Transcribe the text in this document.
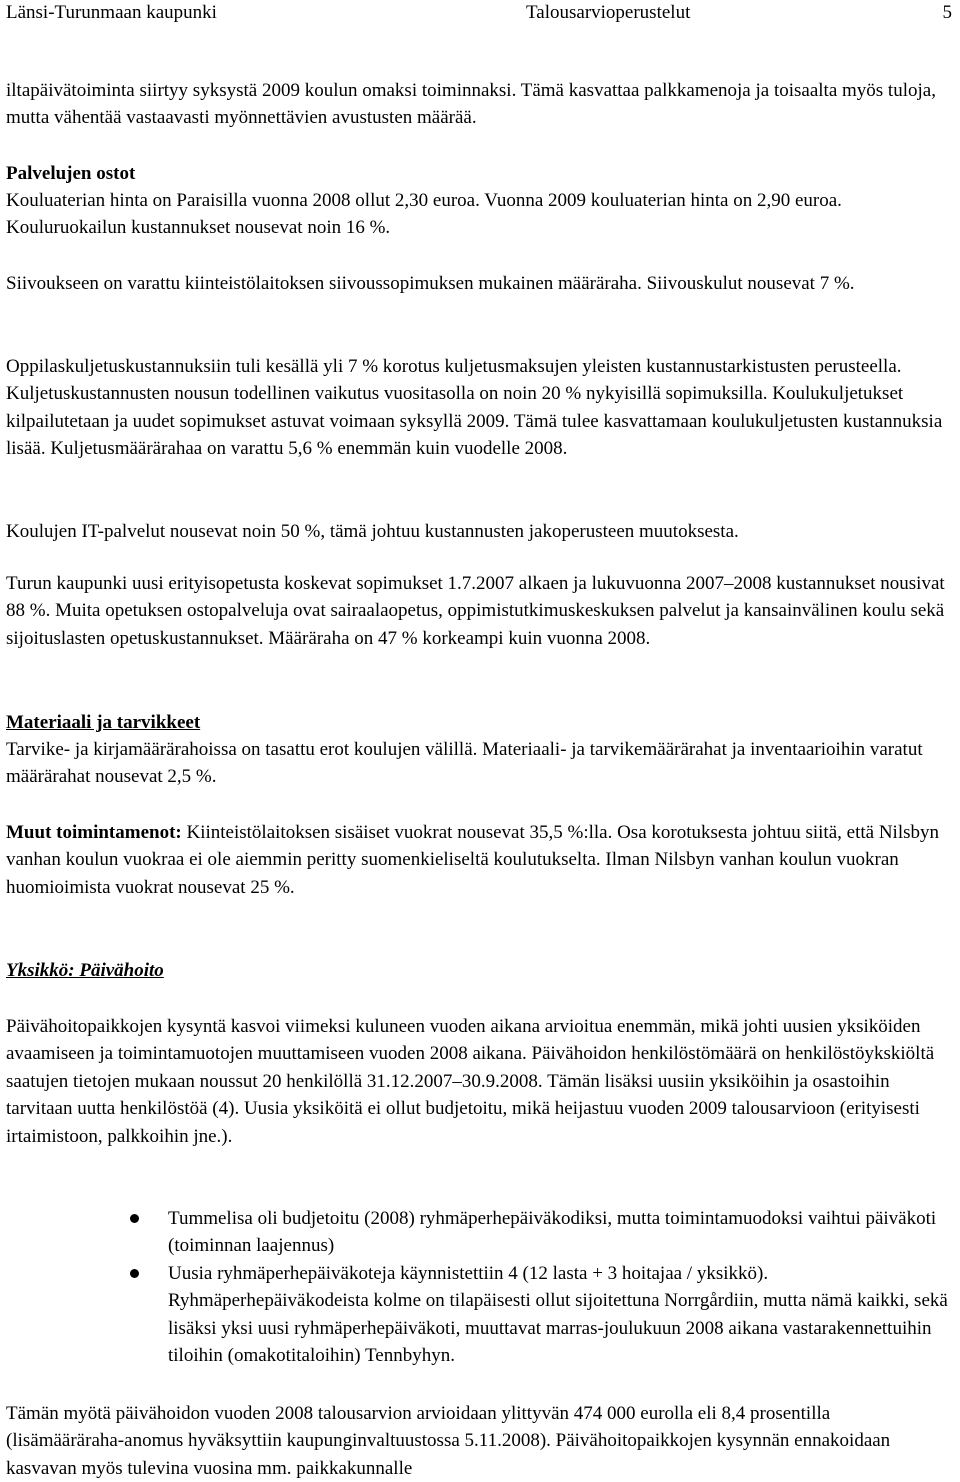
Länsi-Turunmaan kaupunki	Talousarvioperustelut	5

iltapäivätoiminta siirtyy syksystä 2009 koulun omaksi toiminnaksi. Tämä kasvattaa palkkamenoja ja toisaalta myös tuloja, mutta vähentää vastaavasti myönnettävien avustusten määrää.

Palvelujen ostot

Kouluaterian hinta on Paraisilla vuonna 2008 ollut 2,30 euroa. Vuonna 2009 kouluaterian hinta on 2,90 euroa. Kouluruokailun kustannukset nousevat noin 16 %.

Siivoukseen on varattu kiinteistölaitoksen siivoussopimuksen mukainen määräraha. Siivouskulut nousevat 7 %.

Oppilaskuljetuskustannuksiin tuli kesällä yli 7 % korotus kuljetusmaksujen yleisten kustannustarkistusten perusteella. Kuljetuskustannusten nousun todellinen vaikutus vuositasolla on noin 20 % nykyisillä sopimuksilla. Koulukuljetukset kilpailutetaan ja uudet sopimukset astuvat voimaan syksyllä 2009. Tämä tulee kasvattamaan koulukuljetusten kustannuksia lisää. Kuljetusmäärärahaa on varattu 5,6 % enemmän kuin vuodelle 2008.

Koulujen IT-palvelut nousevat noin 50 %, tämä johtuu kustannusten jakoperusteen muutoksesta.

Turun kaupunki uusi erityisopetusta koskevat sopimukset 1.7.2007 alkaen ja lukuvuonna 2007–2008 kustannukset nousivat 88 %. Muita opetuksen ostopalveluja ovat sairaalaopetus, oppimistutkimuskeskuksen palvelut ja kansainvälinen koulu sekä sijoituslasten opetuskustannukset. Määräraha on 47 % korkeampi kuin vuonna 2008.

Materiaali ja tarvikkeet

Tarvike- ja kirjamäärärahoissa on tasattu erot koulujen välillä. Materiaali- ja tarvikemäärärahat ja inventaarioihin varatut määrärahat nousevat 2,5 %.

Muut toimintamenot: Kiinteistölaitoksen sisäiset vuokrat nousevat 35,5 %:lla. Osa korotuksesta johtuu siitä, että Nilsbyn vanhan koulun vuokraa ei ole aiemmin peritty suomenkieliseltä koulutukselta. Ilman Nilsbyn vanhan koulun vuokran huomioimista vuokrat nousevat 25 %.

Yksikkö: Päivähoito

Päivähoitopaikkojen kysyntä kasvoi viimeksi kuluneen vuoden aikana arvioitua enemmän, mikä johti uusien yksiköiden avaamiseen ja toimintamuotojen muuttamiseen vuoden 2008 aikana. Päivähoidon henkilöstömäärä on henkilöstöykskiöltä saatujen tietojen mukaan noussut 20 henkilöllä 31.12.2007–30.9.2008. Tämän lisäksi uusiin yksiköihin ja osastoihin tarvitaan uutta henkilöstöä (4). Uusia yksiköitä ei ollut budjetoitu, mikä heijastuu vuoden 2009 talousarvioon (erityisesti irtaimistoon, palkkoihin jne.).

Tummelisa oli budjetoitu (2008) ryhmäperhepäiväkodiksi, mutta toimintamuodoksi vaihtui päiväkoti (toiminnan laajennus)
Uusia ryhmäperhepäiväkoteja käynnistettiin 4 (12 lasta + 3 hoitajaa / yksikkö). Ryhmäperhepäiväkodeista kolme on tilapäisesti ollut sijoitettuna Norrgårdiin, mutta nämä kaikki, sekä lisäksi yksi uusi ryhmäperhepäiväkoti, muuttavat marras-joulukuun 2008 aikana vastarakennettuihin tiloihin (omakotitaloihin) Tennbyhyn.

Tämän myötä päivähoidon vuoden 2008 talousarvion arvioidaan ylittyvän 474 000 eurolla eli 8,4 prosentilla (lisämääräraha-anomus hyväksyttiin kaupunginvaltuustossa 5.11.2008). Päivähoitopaikkojen kysynnän ennakoidaan kasvavan myös tulevina vuosina mm. paikkakunnalle
